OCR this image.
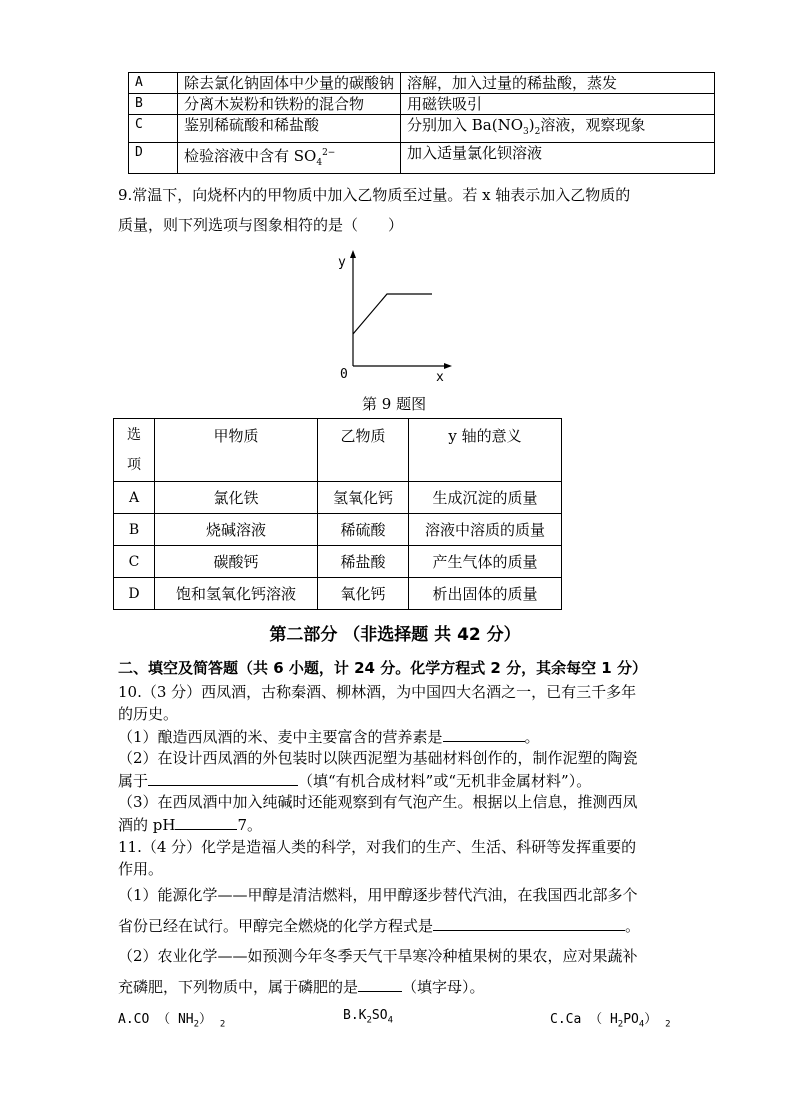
A	除去氯化钠固体中少量的碳酸钠	溶解，加入过量的稀盐酸，蒸发
B	分离木炭粉和铁粉的混合物	用磁铁吸引
C	鉴别稀硫酸和稀盐酸	分别加入 $Ba(NO_3)_2$溶液，观察现象
D	检验溶液中含有 $SO_4^{2-}$	加入适量氯化钡溶液
9.常温下，向烧杯内的甲物质中加入乙物质至过量。若 x 轴表示加入乙物质的
质量，则下列选项与图象相符的是（　　）
y
x
0
第 9 题图
选
项	甲物质	乙物质	y 轴的意义
A	氯化铁	氢氧化钙	生成沉淀的质量
B	烧碱溶液	稀硫酸	溶液中溶质的质量
C	碳酸钙	稀盐酸	产生气体的质量
D	饱和氢氧化钙溶液	氧化钙	析出固体的质量
第二部分 （非选择题 共 42 分）
二、填空及简答题（共 6 小题，计 24 分。化学方程式 2 分，其余每空 1 分）
10.（3 分）西凤酒，古称秦酒、柳林酒，为中国四大名酒之一，已有三千多年
的历史。
（1）酿造西凤酒的米、麦中主要富含的营养素是	。
（2）在设计西凤酒的外包装时以陕西泥塑为基础材料创作的，制作泥塑的陶瓷
属于	（填“有机合成材料”或“无机非金属材料”）。
（3）在西凤酒中加入纯碱时还能观察到有气泡产生。根据以上信息，推测西凤
酒的 pH	7。
11.（4 分）化学是造福人类的科学，对我们的生产、生活、科研等发挥重要的
作用。
（1）能源化学——甲醇是清洁燃料，用甲醇逐步替代汽油，在我国西北部多个
省份已经在试行。甲醇完全燃烧的化学方程式是	。
（2）农业化学——如预测今年冬季天气干旱寒冷种植果树的果农，应对果蔬补
充磷肥，下列物质中，属于磷肥的是	（填字母）。
A.CO （ $NH_2$） $_2$
$B.K_2SO_4$	C.Ca （ $H_2PO_4$） $_2$
